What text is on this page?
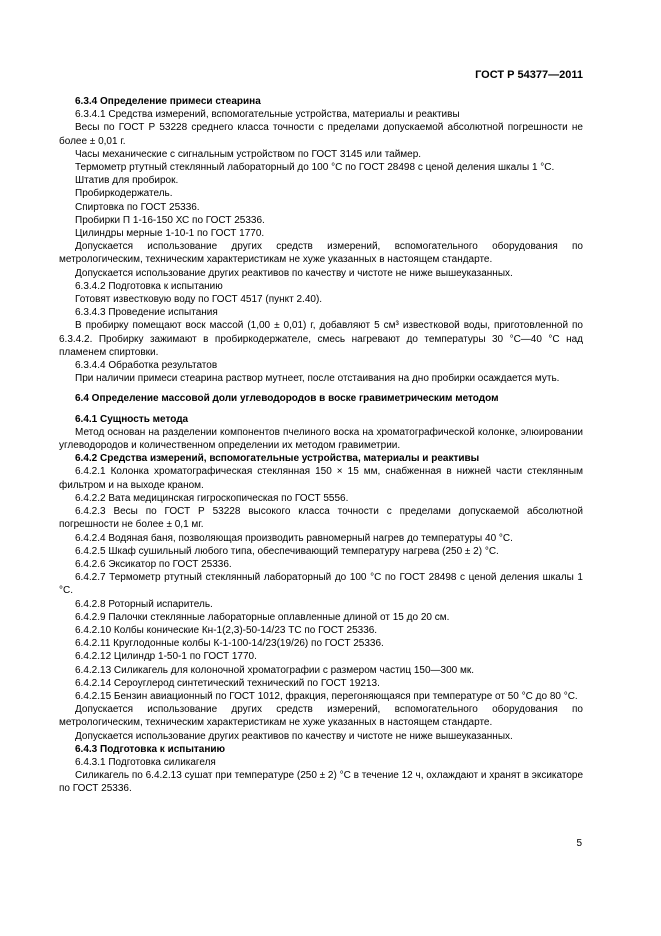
ГОСТ Р 54377—2011

6.3.4 Определение примеси стеарина

6.3.4.1 Средства измерений, вспомогательные устройства, материалы и реактивы

Весы по ГОСТ Р 53228 среднего класса точности с пределами допускаемой абсолютной погрешности не более ± 0,01 г.

Часы механические с сигнальным устройством по ГОСТ 3145 или таймер.

Термометр ртутный стеклянный лабораторный до 100 °С по ГОСТ 28498 с ценой деления шкалы 1 °С.

Штатив для пробирок.

Пробиркодержатель.

Спиртовка по ГОСТ 25336.

Пробирки П 1-16-150 ХС по ГОСТ 25336.

Цилиндры мерные 1-10-1 по ГОСТ 1770.

Допускается использование других средств измерений, вспомогательного оборудования по метрологическим, техническим характеристикам не хуже указанных в настоящем стандарте.

Допускается использование других реактивов по качеству и чистоте не ниже вышеуказанных.

6.3.4.2 Подготовка к испытанию

Готовят известковую воду по ГОСТ 4517 (пункт 2.40).

6.3.4.3 Проведение испытания

В пробирку помещают воск массой (1,00 ± 0,01) г, добавляют 5 см³ известковой воды, приготовленной по 6.3.4.2. Пробирку зажимают в пробиркодержателе, смесь нагревают до температуры 30 °С—40 °С над пламенем спиртовки.

6.3.4.4 Обработка результатов

При наличии примеси стеарина раствор мутнеет, после отстаивания на дно пробирки осаждается муть.

6.4 Определение массовой доли углеводородов в воске гравиметрическим методом

6.4.1 Сущность метода

Метод основан на разделении компонентов пчелиного воска на хроматографической колонке, элюировании углеводородов и количественном определении их методом гравиметрии.

6.4.2 Средства измерений, вспомогательные устройства, материалы и реактивы

6.4.2.1 Колонка хроматографическая стеклянная 150 × 15 мм, снабженная в нижней части стеклянным фильтром и на выходе краном.

6.4.2.2 Вата медицинская гигроскопическая по ГОСТ 5556.

6.4.2.3 Весы по ГОСТ Р 53228 высокого класса точности с пределами допускаемой абсолютной погрешности не более ± 0,1 мг.

6.4.2.4 Водяная баня, позволяющая производить равномерный нагрев до температуры 40 °С.

6.4.2.5 Шкаф сушильный любого типа, обеспечивающий температуру нагрева (250 ± 2) °С.

6.4.2.6 Эксикатор по ГОСТ 25336.

6.4.2.7 Термометр ртутный стеклянный лабораторный до 100 °С по ГОСТ 28498 с ценой деления шкалы 1 °С.

6.4.2.8 Роторный испаритель.

6.4.2.9 Палочки стеклянные лабораторные оплавленные длиной от 15 до 20 см.

6.4.2.10 Колбы конические Кн-1(2,3)-50-14/23 ТС по ГОСТ 25336.

6.4.2.11 Круглодонные колбы К-1-100-14/23(19/26) по ГОСТ 25336.

6.4.2.12 Цилиндр 1-50-1 по ГОСТ 1770.

6.4.2.13 Силикагель для колоночной хроматографии с размером частиц 150—300 мк.

6.4.2.14 Сероуглерод синтетический технический по ГОСТ 19213.

6.4.2.15 Бензин авиационный по ГОСТ 1012, фракция, перегоняющаяся при температуре от 50 °С до 80 °С.

Допускается использование других средств измерений, вспомогательного оборудования по метрологическим, техническим характеристикам не хуже указанных в настоящем стандарте.

Допускается использование других реактивов по качеству и чистоте не ниже вышеуказанных.

6.4.3 Подготовка к испытанию

6.4.3.1 Подготовка силикагеля

Силикагель по 6.4.2.13 сушат при температуре (250 ± 2) °С в течение 12 ч, охлаждают и хранят в эксикаторе по ГОСТ 25336.

5
